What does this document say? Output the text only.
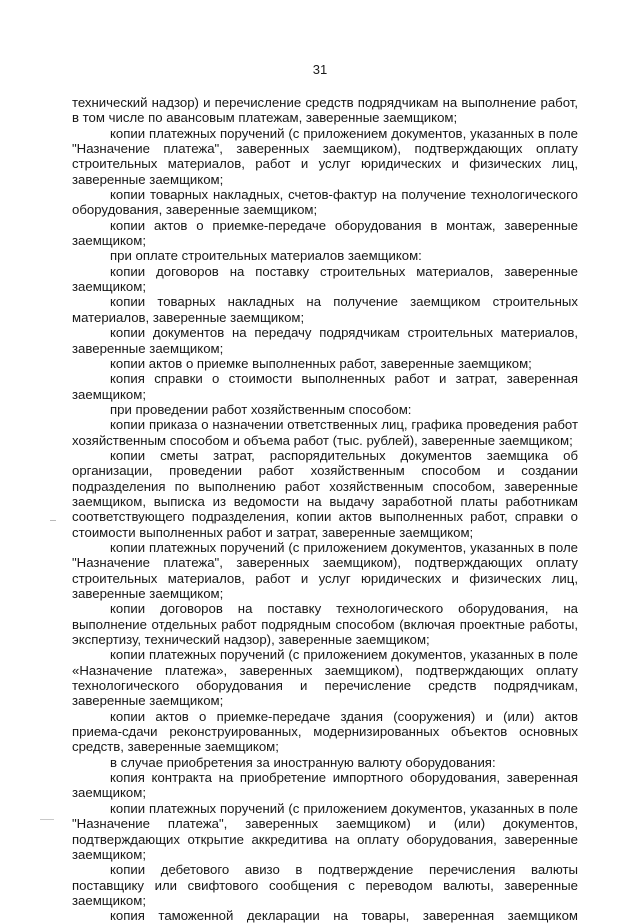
31

технический надзор) и перечисление средств подрядчикам на выполнение работ, в том числе по авансовым платежам, заверенные заемщиком;

копии платежных поручений (с приложением документов, указанных в поле "Назначение платежа", заверенных заемщиком), подтверждающих оплату строительных материалов, работ и услуг юридических и физических лиц, заверенные заемщиком;

копии товарных накладных, счетов-фактур на получение технологического оборудования, заверенные заемщиком;

копии актов о приемке-передаче оборудования в монтаж, заверенные заемщиком;

при оплате строительных материалов заемщиком:

копии договоров на поставку строительных материалов, заверенные заемщиком;

копии товарных накладных на получение заемщиком строительных материалов, заверенные заемщиком;

копии документов на передачу подрядчикам строительных материалов, заверенные заемщиком;

копии актов о приемке выполненных работ, заверенные заемщиком;

копия справки о стоимости выполненных работ и затрат, заверенная заемщиком;

при проведении работ хозяйственным способом:

копии приказа о назначении ответственных лиц, графика проведения работ хозяйственным способом и объема работ (тыс. рублей), заверенные заемщиком;

копии сметы затрат, распорядительных документов заемщика об организации, проведении работ хозяйственным способом и создании подразделения по выполнению работ хозяйственным способом, заверенные заемщиком, выписка из ведомости на выдачу заработной платы работникам соответствующего подразделения, копии актов выполненных работ, справки о стоимости выполненных работ и затрат, заверенные заемщиком;

копии платежных поручений (с приложением документов, указанных в поле "Назначение платежа", заверенных заемщиком), подтверждающих оплату строительных материалов, работ и услуг юридических и физических лиц, заверенные заемщиком;

копии договоров на поставку технологического оборудования, на выполнение отдельных работ подрядным способом (включая проектные работы, экспертизу, технический надзор), заверенные заемщиком;

копии платежных поручений (с приложением документов, указанных в поле «Назначение платежа», заверенных заемщиком), подтверждающих оплату технологического оборудования и перечисление средств подрядчикам, заверенные заемщиком;

копии актов о приемке-передаче здания (сооружения) и (или) актов приема-сдачи реконструированных, модернизированных объектов основных средств, заверенные заемщиком;

в случае приобретения за иностранную валюту оборудования:

копия контракта на приобретение импортного оборудования, заверенная заемщиком;

копии платежных поручений (с приложением документов, указанных в поле "Назначение платежа", заверенных заемщиком) и (или) документов, подтверждающих открытие аккредитива на оплату оборудования, заверенные заемщиком;

копии дебетового авизо в подтверждение перечисления валюты поставщику или свифтового сообщения с переводом валюты, заверенные заемщиком;

копия таможенной декларации на товары, заверенная заемщиком
